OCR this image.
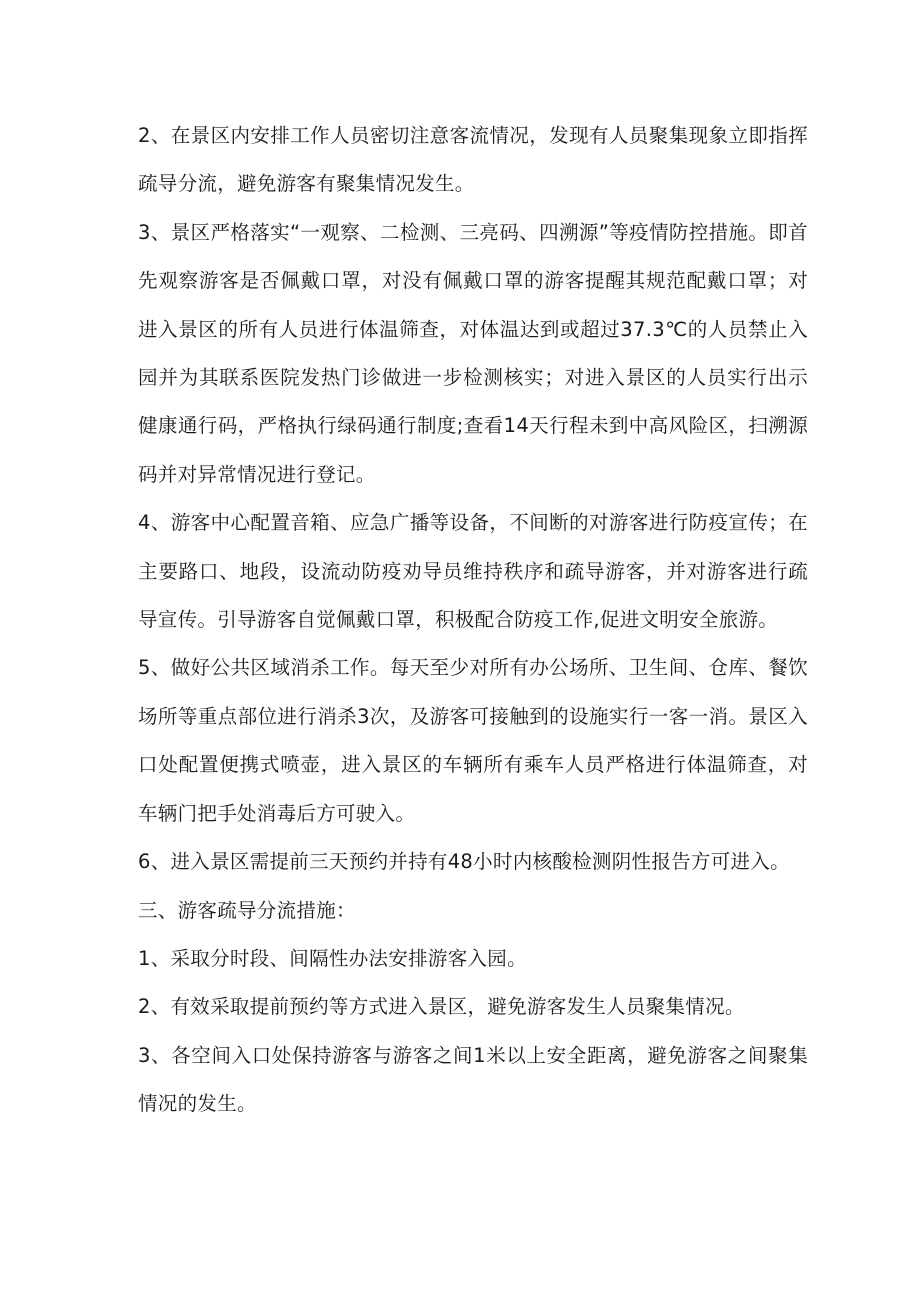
2、在景区内安排工作人员密切注意客流情况，发现有人员聚集现象立即指挥疏导分流，避免游客有聚集情况发生。

3、景区严格落实“一观察、二检测、三亮码、四溯源”等疫情防控措施。即首先观察游客是否佩戴口罩，对没有佩戴口罩的游客提醒其规范配戴口罩；对进入景区的所有人员进行体温筛查，对体温达到或超过37.3℃的人员禁止入园并为其联系医院发热门诊做进一步检测核实；对进入景区的人员实行出示健康通行码，严格执行绿码通行制度;查看14天行程未到中高风险区，扫溯源码并对异常情况进行登记。

4、游客中心配置音箱、应急广播等设备，不间断的对游客进行防疫宣传；在主要路口、地段，设流动防疫劝导员维持秩序和疏导游客，并对游客进行疏导宣传。引导游客自觉佩戴口罩，积极配合防疫工作,促进文明安全旅游。

5、做好公共区域消杀工作。每天至少对所有办公场所、卫生间、仓库、餐饮场所等重点部位进行消杀3次，及游客可接触到的设施实行一客一消。景区入口处配置便携式喷壶，进入景区的车辆所有乘车人员严格进行体温筛查，对车辆门把手处消毒后方可驶入。

6、进入景区需提前三天预约并持有48小时内核酸检测阴性报告方可进入。

三、游客疏导分流措施：

1、采取分时段、间隔性办法安排游客入园。

2、有效采取提前预约等方式进入景区，避免游客发生人员聚集情况。

3、各空间入口处保持游客与游客之间1米以上安全距离，避免游客之间聚集情况的发生。
